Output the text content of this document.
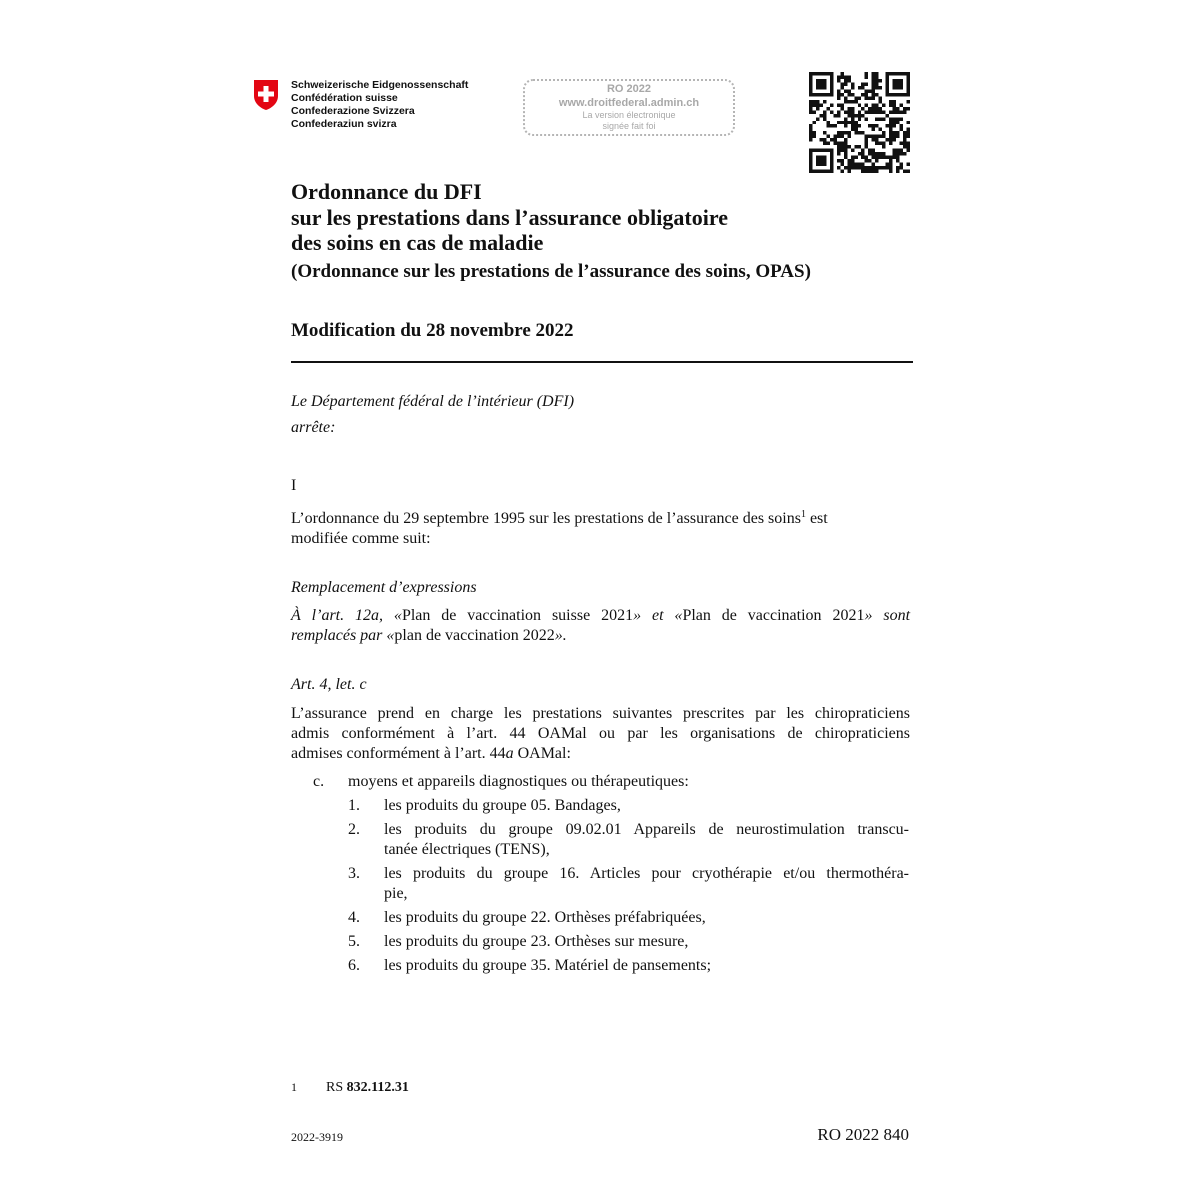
Schweizerische Eidgenossenschaft
Confédération suisse
Confederazione Svizzera
Confederaziun svizra
RO 2022
www.droitfederal.admin.ch
La version électronique
signée fait foi
Ordonnance du DFI
sur les prestations dans l’assurance obligatoire
des soins en cas de maladie
(Ordonnance sur les prestations de l’assurance des soins, OPAS)
Modification du 28 novembre 2022
Le Département fédéral de l’intérieur (DFI)
arrête:
I
L’ordonnance du 29 septembre 1995 sur les prestations de l’assurance des soins$^1$ est
modifiée comme suit:
Remplacement d’expressions
À l’art. 12a, «Plan de vaccination suisse 2021» et «Plan de vaccination 2021» sont
remplacés par «plan de vaccination 2022».
Art. 4, let. c
L’assurance prend en charge les prestations suivantes prescrites par les chiropraticiens
admis conformément à l’art. 44 OAMal ou par les organisations de chiropraticiens
admises conformément à l’art. 44a OAMal:
c. moyens et appareils diagnostiques ou thérapeutiques:
1. les produits du groupe 05. Bandages,
2. les produits du groupe 09.02.01 Appareils de neurostimulation transcu-
tanée électriques (TENS),
3. les produits du groupe 16. Articles pour cryothérapie et/ou thermothéra-
pie,
4. les produits du groupe 22. Orthèses préfabriquées,
5. les produits du groupe 23. Orthèses sur mesure,
6. les produits du groupe 35. Matériel de pansements;
1 RS 832.112.31
2022-3919	RO 2022 840
